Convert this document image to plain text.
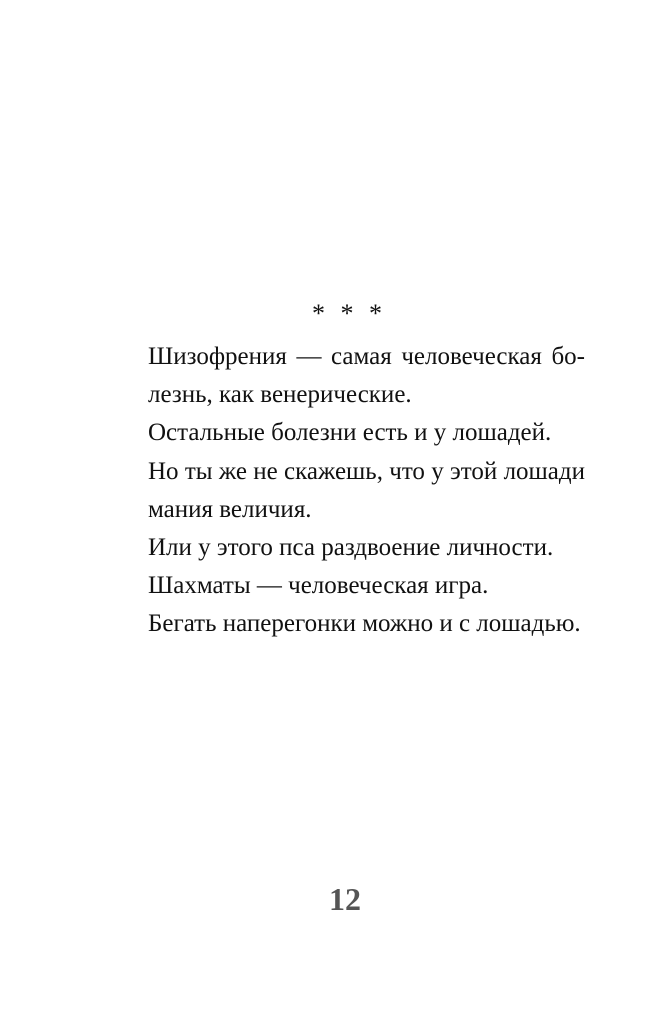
* * *
Шизофрения — самая человеческая бо-
лезнь, как венерические.
Остальные болезни есть и у лошадей.
Но ты же не скажешь, что у этой лошади
мания величия.
Или у этого пса раздвоение личности.
Шахматы — человеческая игра.
Бегать наперегонки можно и с лошадью.
12
